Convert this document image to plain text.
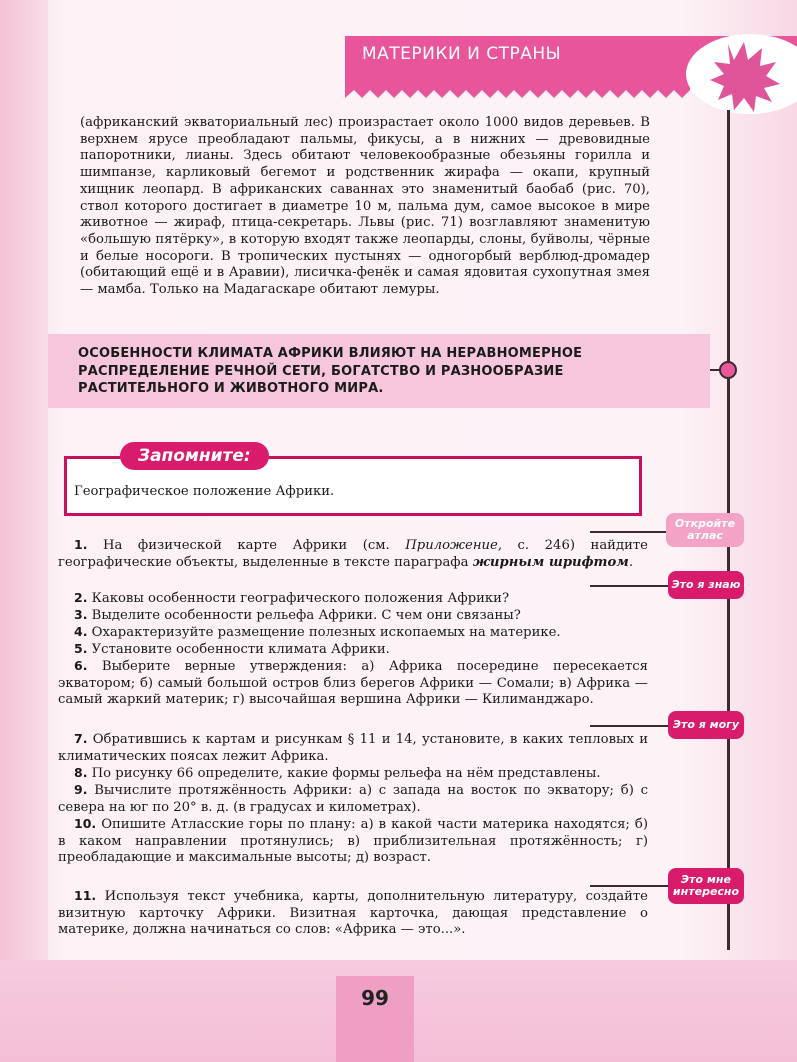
МАТЕРИКИ И СТРАНЫ
(африканский экваториальный лес) произрастает около 1000 видов деревьев. В верхнем ярусе преобладают пальмы, фикусы, а в нижних — древовидные папоротники, лианы. Здесь обитают человекообразные обезьяны горилла и шимпанзе, карликовый бегемот и родственник жирафа — окапи, крупный хищник леопард. В африканских саваннах это знаменитый баобаб (рис. 70), ствол которого достигает в диаметре 10 м, пальма дум, самое высокое в мире животное — жираф, птица-секретарь. Львы (рис. 71) возглавляют знаменитую «большую пятёрку», в которую входят также леопарды, слоны, буйволы, чёрные и белые носороги. В тропических пустынях — одногорбый верблюд-дромадер (обитающий ещё и в Аравии), лисичка-фенёк и самая ядовитая сухопутная змея — мамба. Только на Мадагаскаре обитают лемуры.
ОСОБЕННОСТИ КЛИМАТА АФРИКИ ВЛИЯЮТ НА НЕРАВНОМЕРНОЕ РАСПРЕДЕЛЕНИЕ РЕЧНОЙ СЕТИ, БОГАТСТВО И РАЗНООБРАЗИЕ РАСТИТЕЛЬНОГО И ЖИВОТНОГО МИРА.
Запомните:
Географическое положение Африки.
Откройте атлас
Это я знаю
Это я могу
Это мне интересно
1. На физической карте Африки (см. Приложение, с. 246) найдите географические объекты, выделенные в тексте параграфа жирным шрифтом.
2. Каковы особенности географического положения Африки?
3. Выделите особенности рельефа Африки. С чем они связаны?
4. Охарактеризуйте размещение полезных ископаемых на материке.
5. Установите особенности климата Африки.
6. Выберите верные утверждения: а) Африка посередине пересекается экватором; б) самый большой остров близ берегов Африки — Сомали; в) Африка — самый жаркий материк; г) высочайшая вершина Африки — Килиманджаро.
7. Обратившись к картам и рисункам § 11 и 14, установите, в каких тепловых и климатических поясах лежит Африка.
8. По рисунку 66 определите, какие формы рельефа на нём представлены.
9. Вычислите протяжённость Африки: а) с запада на восток по экватору; б) с севера на юг по 20° в. д. (в градусах и километрах).
10. Опишите Атласские горы по плану: а) в какой части материка находятся; б) в каком направлении протянулись; в) приблизительная протяжённость; г) преобладающие и максимальные высоты; д) возраст.
11. Используя текст учебника, карты, дополнительную литературу, создайте визитную карточку Африки. Визитная карточка, дающая представление о материке, должна начинаться со слов: «Африка — это...».
99
